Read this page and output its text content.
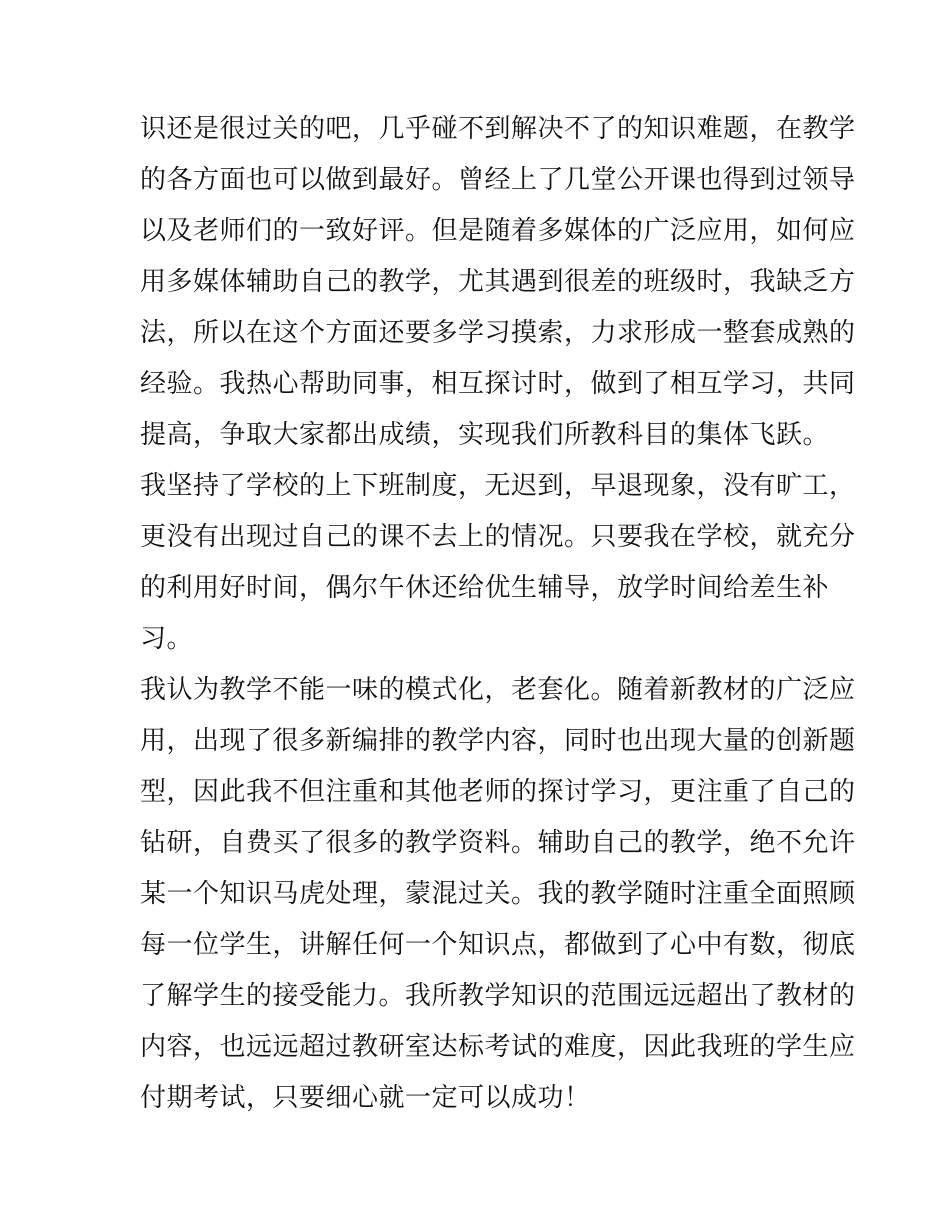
识还是很过关的吧，几乎碰不到解决不了的知识难题，在教学
的各方面也可以做到最好。曾经上了几堂公开课也得到过领导
以及老师们的一致好评。但是随着多媒体的广泛应用，如何应
用多媒体辅助自己的教学，尤其遇到很差的班级时，我缺乏方
法，所以在这个方面还要多学习摸索，力求形成一整套成熟的
经验。我热心帮助同事，相互探讨时，做到了相互学习，共同
提高，争取大家都出成绩，实现我们所教科目的集体飞跃。
我坚持了学校的上下班制度，无迟到，早退现象，没有旷工，
更没有出现过自己的课不去上的情况。只要我在学校，就充分
的利用好时间，偶尔午休还给优生辅导，放学时间给差生补
习。
我认为教学不能一味的模式化，老套化。随着新教材的广泛应
用，出现了很多新编排的教学内容，同时也出现大量的创新题
型，因此我不但注重和其他老师的探讨学习，更注重了自己的
钻研，自费买了很多的教学资料。辅助自己的教学，绝不允许
某一个知识马虎处理，蒙混过关。我的教学随时注重全面照顾
每一位学生，讲解任何一个知识点，都做到了心中有数，彻底
了解学生的接受能力。我所教学知识的范围远远超出了教材的
内容，也远远超过教研室达标考试的难度，因此我班的学生应
付期考试，只要细心就一定可以成功！
